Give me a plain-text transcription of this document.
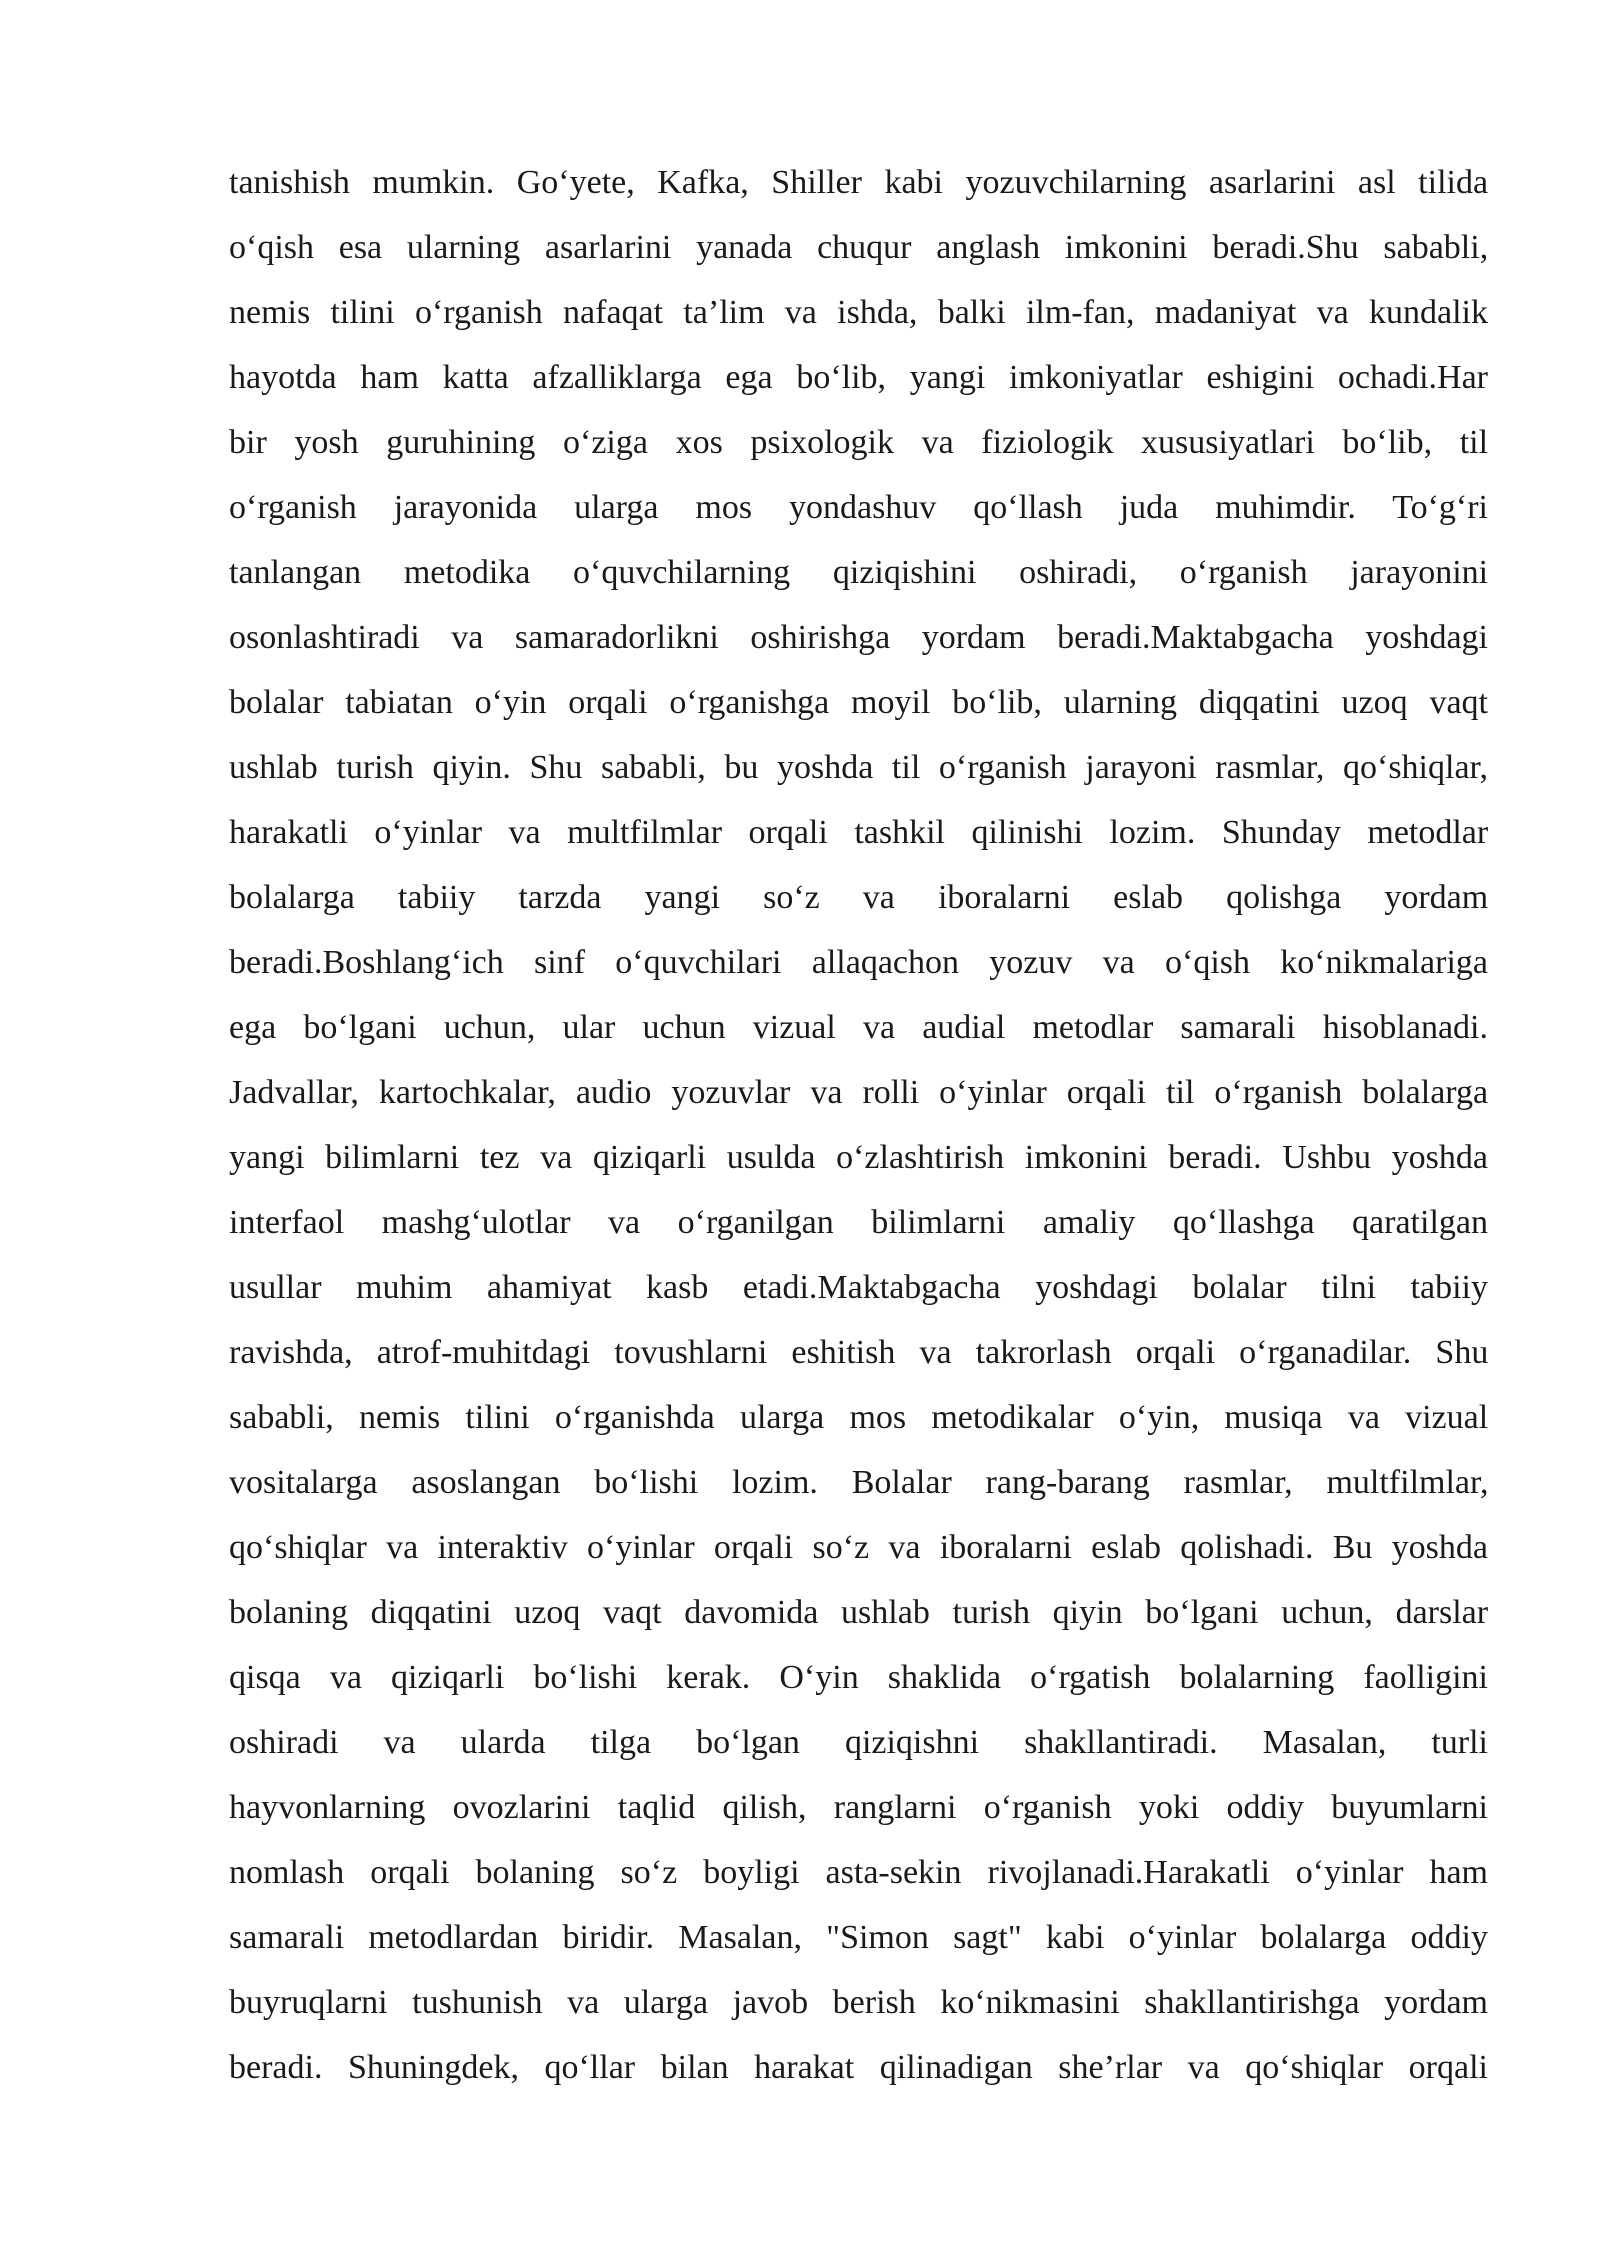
tanishish mumkin. Go‘yete, Kafka, Shiller kabi yozuvchilarning asarlarini asl tilida
o‘qish esa ularning asarlarini yanada chuqur anglash imkonini beradi.Shu sababli,
nemis tilini o‘rganish nafaqat ta’lim va ishda, balki ilm-fan, madaniyat va kundalik
hayotda ham katta afzalliklarga ega bo‘lib, yangi imkoniyatlar eshigini ochadi.Har
bir yosh guruhining o‘ziga xos psixologik va fiziologik xususiyatlari bo‘lib, til
o‘rganish jarayonida ularga mos yondashuv qo‘llash juda muhimdir. To‘g‘ri
tanlangan metodika o‘quvchilarning qiziqishini oshiradi, o‘rganish jarayonini
osonlashtiradi va samaradorlikni oshirishga yordam beradi.Maktabgacha yoshdagi
bolalar tabiatan o‘yin orqali o‘rganishga moyil bo‘lib, ularning diqqatini uzoq vaqt
ushlab turish qiyin. Shu sababli, bu yoshda til o‘rganish jarayoni rasmlar, qo‘shiqlar,
harakatli o‘yinlar va multfilmlar orqali tashkil qilinishi lozim. Shunday metodlar
bolalarga tabiiy tarzda yangi so‘z va iboralarni eslab qolishga yordam
beradi.Boshlang‘ich sinf o‘quvchilari allaqachon yozuv va o‘qish ko‘nikmalariga
ega bo‘lgani uchun, ular uchun vizual va audial metodlar samarali hisoblanadi.
Jadvallar, kartochkalar, audio yozuvlar va rolli o‘yinlar orqali til o‘rganish bolalarga
yangi bilimlarni tez va qiziqarli usulda o‘zlashtirish imkonini beradi. Ushbu yoshda
interfaol mashg‘ulotlar va o‘rganilgan bilimlarni amaliy qo‘llashga qaratilgan
usullar muhim ahamiyat kasb etadi.Maktabgacha yoshdagi bolalar tilni tabiiy
ravishda, atrof-muhitdagi tovushlarni eshitish va takrorlash orqali o‘rganadilar. Shu
sababli, nemis tilini o‘rganishda ularga mos metodikalar o‘yin, musiqa va vizual
vositalarga asoslangan bo‘lishi lozim. Bolalar rang-barang rasmlar, multfilmlar,
qo‘shiqlar va interaktiv o‘yinlar orqali so‘z va iboralarni eslab qolishadi. Bu yoshda
bolaning diqqatini uzoq vaqt davomida ushlab turish qiyin bo‘lgani uchun, darslar
qisqa va qiziqarli bo‘lishi kerak. O‘yin shaklida o‘rgatish bolalarning faolligini
oshiradi va ularda tilga bo‘lgan qiziqishni shakllantiradi. Masalan, turli
hayvonlarning ovozlarini taqlid qilish, ranglarni o‘rganish yoki oddiy buyumlarni
nomlash orqali bolaning so‘z boyligi asta-sekin rivojlanadi.Harakatli o‘yinlar ham
samarali metodlardan biridir. Masalan, "Simon sagt" kabi o‘yinlar bolalarga oddiy
buyruqlarni tushunish va ularga javob berish ko‘nikmasini shakllantirishga yordam
beradi. Shuningdek, qo‘llar bilan harakat qilinadigan she’rlar va qo‘shiqlar orqali
